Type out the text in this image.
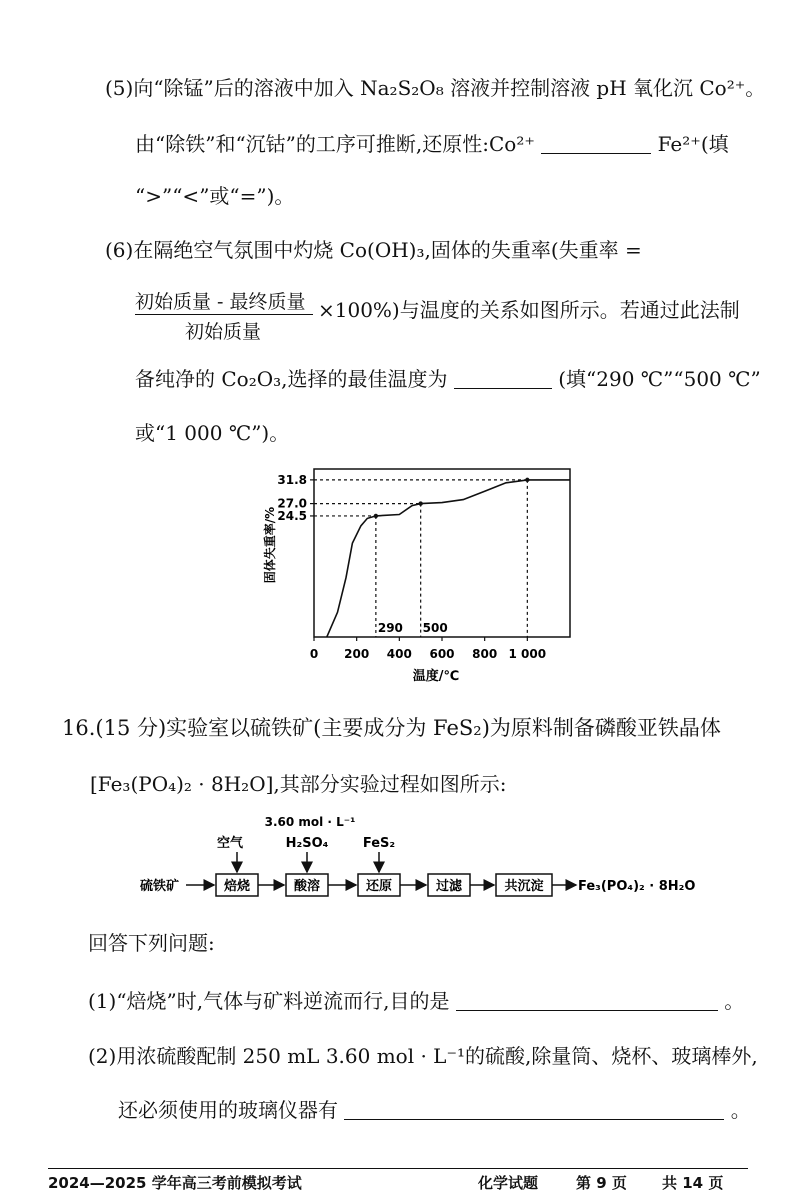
(5)向“除锰”后的溶液中加入 Na₂S₂O₈ 溶液并控制溶液 pH 氧化沉 Co²⁺。
由“除铁”和“沉钴”的工序可推断,还原性:Co²⁺	Fe²⁺(填
“>”“<”或“=”)。
(6)在隔绝空气氛围中灼烧 Co(OH)₃,固体的失重率(失重率 =
初始质量 - 最终质量
初始质量
×100%)与温度的关系如图所示。若通过此法制
备纯净的 Co₂O₃,选择的最佳温度为	(填“290 ℃”“500 ℃”
或“1 000 ℃”)。
24.5
27.0
31.8
0 200 400 600 800 1 000
290 500
固体失重率/%
温度/℃
16.(15 分)实验室以硫铁矿(主要成分为 FeS₂)为原料制备磷酸亚铁晶体
[Fe₃(PO₄)₂ · 8H₂O],其部分实验过程如图所示:
硫铁矿	焙烧	酸溶	还原	过滤	共沉淀	Fe₃(PO₄)₂ · 8H₂O
空气
3.60 mol · L⁻¹
H₂SO₄	FeS₂
回答下列问题:
(1)“焙烧”时,气体与矿料逆流而行,目的是	。
(2)用浓硫酸配制 250 mL 3.60 mol · L⁻¹的硫酸,除量筒、烧杯、玻璃棒外,
还必须使用的玻璃仪器有	。
2024—2025 学年高三考前模拟考试	化学试题	第 9 页 共 14 页
